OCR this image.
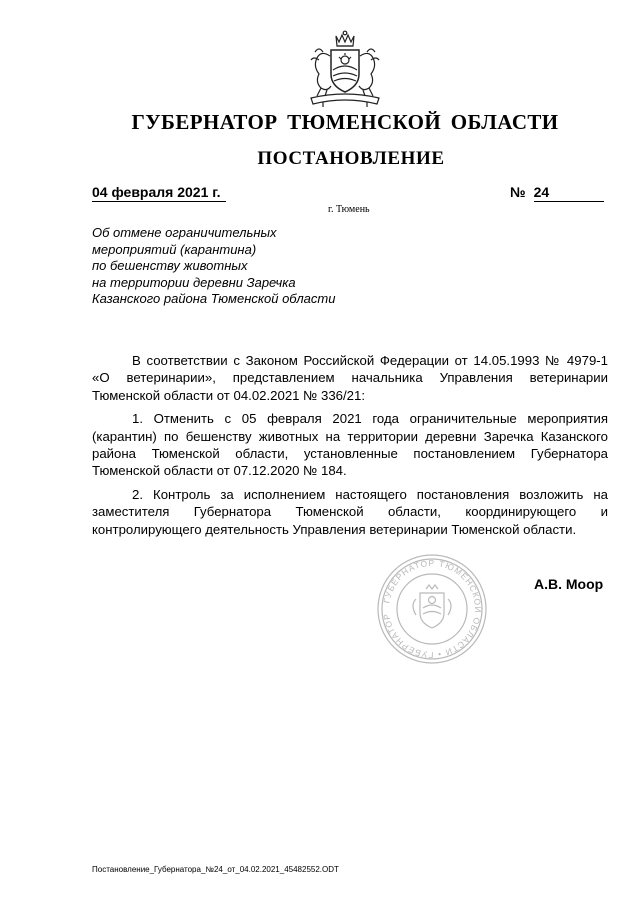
ГУБЕРНАТОР ТЮМЕНСКОЙ ОБЛАСТИ
ПОСТАНОВЛЕНИЕ
04 февраля 2021 г.	№ 24
г. Тюмень
Об отмене ограничительных
мероприятий (карантина)
по бешенству животных
на территории деревни Заречка
Казанского района Тюменской области

В соответствии с Законом Российской Федерации от 14.05.1993 № 4979-1 «О ветеринарии», представлением начальника Управления ветеринарии Тюменской области от 04.02.2021 № 336/21:

1. Отменить с 05 февраля 2021 года ограничительные мероприятия (карантин) по бешенству животных на территории деревни Заречка Казанского района Тюменской области, установленные постановлением Губернатора Тюменской области от 07.12.2020 № 184.

2. Контроль за исполнением настоящего постановления возложить на заместителя Губернатора Тюменской области, координирующего и контролирующего деятельность Управления ветеринарии Тюменской области.

ГУБЕРНАТОР ТЮМЕНСКОЙ ОБЛАСТИ • ГУБЕРНАТОР
А.В. Моор
Постановление_Губернатора_№24_от_04.02.2021_45482552.ODT
